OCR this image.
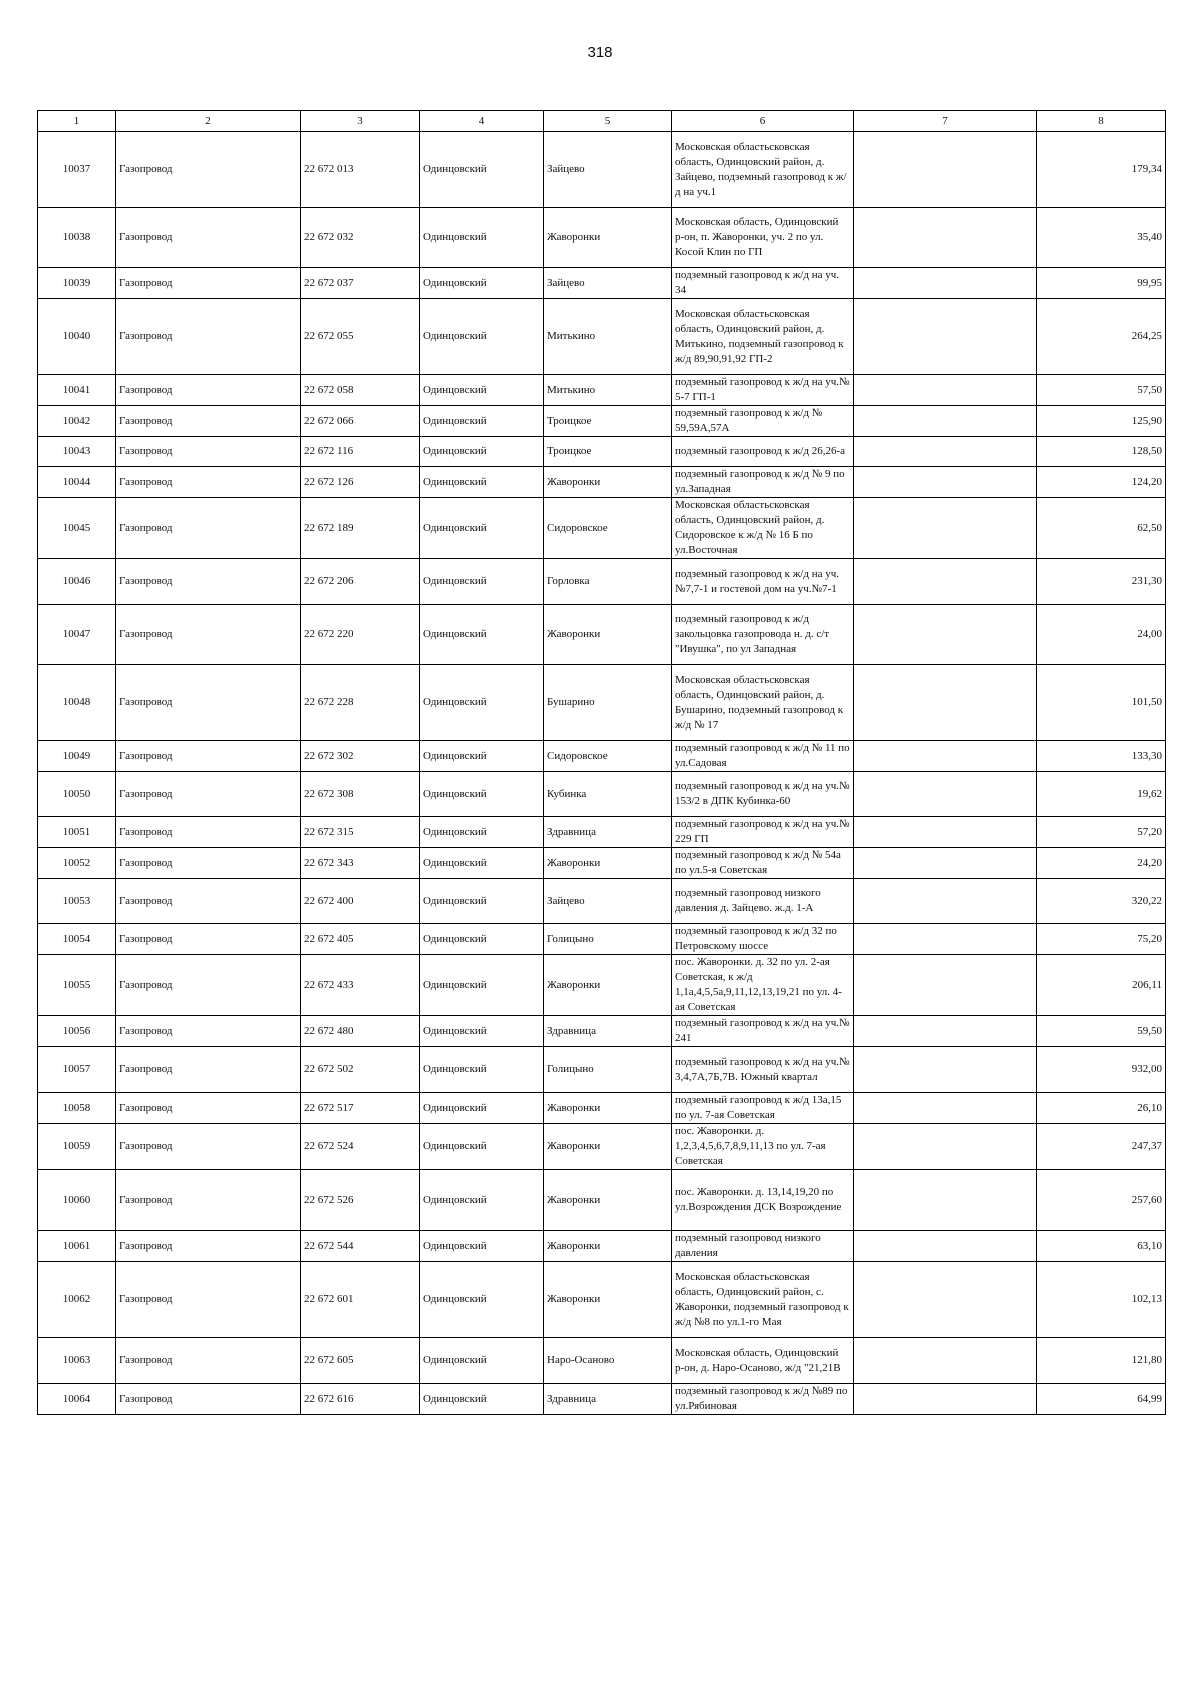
318
1	2	3	4	5	6	7	8
10037	Газопровод	22 672 013	Одинцовский	Зайцево	Московская областьсковская область, Одинцовский район, д. Зайцево, подземный газопровод к ж/д на уч.1		179,34
10038	Газопровод	22 672 032	Одинцовский	Жаворонки	Московская область, Одинцовский р-он, п. Жаворонки, уч. 2 по ул. Косой Клин по ГП		35,40
10039	Газопровод	22 672 037	Одинцовский	Зайцево	подземный газопровод к ж/д на уч. 34		99,95
10040	Газопровод	22 672 055	Одинцовский	Митькино	Московская областьсковская область, Одинцовский район, д. Митькино, подземный газопровод к ж/д 89,90,91,92 ГП-2		264,25
10041	Газопровод	22 672 058	Одинцовский	Митькино	подземный газопровод к ж/д на уч.№ 5-7 ГП-1		57,50
10042	Газопровод	22 672 066	Одинцовский	Троицкое	подземный газопровод к ж/д № 59,59А,57А		125,90
10043	Газопровод	22 672 116	Одинцовский	Троицкое	подземный газопровод к ж/д 26,26-а		128,50
10044	Газопровод	22 672 126	Одинцовский	Жаворонки	подземный газопровод к ж/д № 9 по ул.Западная		124,20
10045	Газопровод	22 672 189	Одинцовский	Сидоровское	Московская областьсковская область, Одинцовский район, д. Сидоровское к ж/д № 16 Б по ул.Восточная		62,50
10046	Газопровод	22 672 206	Одинцовский	Горловка	подземный газопровод к ж/д на уч.№7,7-1 и гостевой дом на уч.№7-1		231,30
10047	Газопровод	22 672 220	Одинцовский	Жаворонки	подземный газопровод к ж/д закольцовка газопровода н. д. с/т "Ивушка", по ул Западная		24,00
10048	Газопровод	22 672 228	Одинцовский	Бушарино	Московская областьсковская область, Одинцовский район, д. Бушарино, подземный газопровод к ж/д № 17		101,50
10049	Газопровод	22 672 302	Одинцовский	Сидоровское	подземный газопровод к ж/д № 11 по ул.Садовая		133,30
10050	Газопровод	22 672 308	Одинцовский	Кубинка	подземный газопровод к ж/д на уч.№ 153/2 в ДПК Кубинка-60		19,62
10051	Газопровод	22 672 315	Одинцовский	Здравница	подземный газопровод к ж/д на уч.№ 229 ГП		57,20
10052	Газопровод	22 672 343	Одинцовский	Жаворонки	подземный газопровод к ж/д № 54а по ул.5-я Советская		24,20
10053	Газопровод	22 672 400	Одинцовский	Зайцево	подземный газопровод низкого давления д. Зайцево. ж.д. 1-А		320,22
10054	Газопровод	22 672 405	Одинцовский	Голицыно	подземный газопровод к ж/д 32 по Петровскому шоссе		75,20
10055	Газопровод	22 672 433	Одинцовский	Жаворонки	пос. Жаворонки. д. 32 по ул. 2-ая Советская, к ж/д 1,1а,4,5,5а,9,11,12,13,19,21 по ул. 4-ая Советская		206,11
10056	Газопровод	22 672 480	Одинцовский	Здравница	подземный газопровод к ж/д на уч.№ 241		59,50
10057	Газопровод	22 672 502	Одинцовский	Голицыно	подземный газопровод к ж/д на уч.№ 3,4,7А,7Б,7В. Южный квартал		932,00
10058	Газопровод	22 672 517	Одинцовский	Жаворонки	подземный газопровод к ж/д 13а,15 по ул. 7-ая Советская		26,10
10059	Газопровод	22 672 524	Одинцовский	Жаворонки	пос. Жаворонки. д. 1,2,3,4,5,6,7,8,9,11,13 по ул. 7-ая Советская		247,37
10060	Газопровод	22 672 526	Одинцовский	Жаворонки	пос. Жаворонки. д. 13,14,19,20 по ул.Возрождения ДСК Возрождение		257,60
10061	Газопровод	22 672 544	Одинцовский	Жаворонки	подземный газопровод низкого давления		63,10
10062	Газопровод	22 672 601	Одинцовский	Жаворонки	Московская областьсковская область, Одинцовский район, с. Жаворонки, подземный газопровод к ж/д №8 по ул.1-го Мая		102,13
10063	Газопровод	22 672 605	Одинцовский	Наро-Осаново	Московская область, Одинцовский р-он, д. Наро-Осаново, ж/д "21,21В		121,80
10064	Газопровод	22 672 616	Одинцовский	Здравница	подземный газопровод к ж/д №89 по ул.Рябиновая		64,99
